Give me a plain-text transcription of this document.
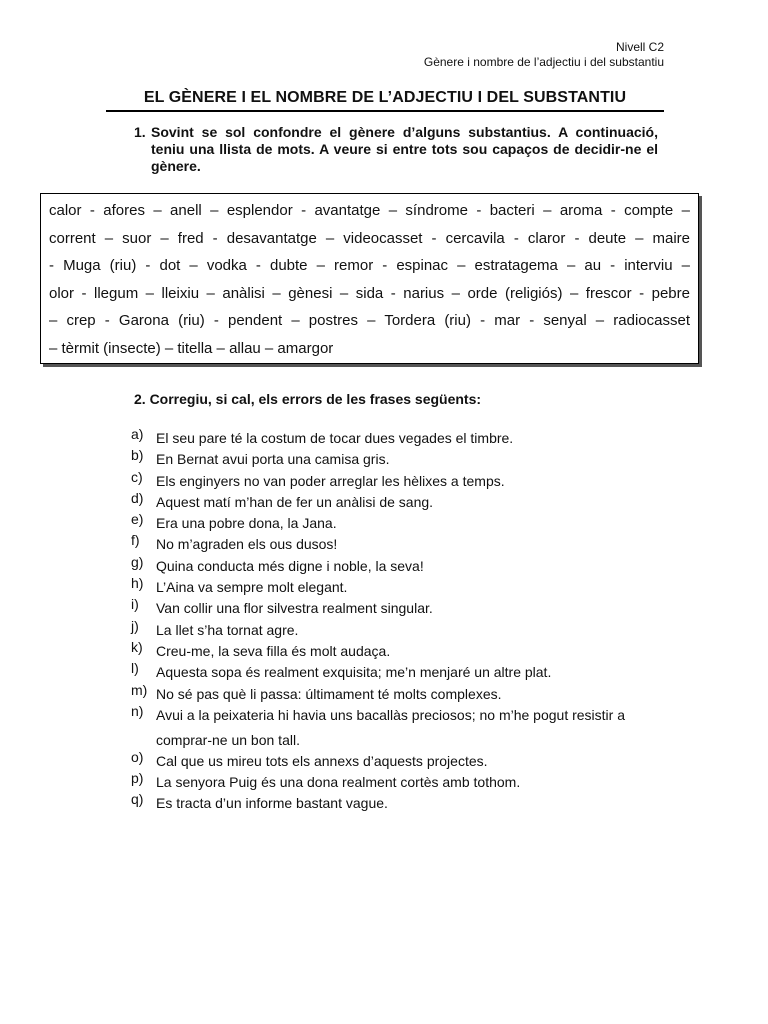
Nivell C2
Gènere i nombre de l’adjectiu i del substantiu
EL GÈNERE I EL NOMBRE DE L’ADJECTIU I DEL SUBSTANTIU
1. Sovint se sol confondre el gènere d’alguns substantius. A continuació, teniu una llista de mots. A veure si entre tots sou capaços de decidir-ne el gènere.
calor - afores – anell – esplendor - avantatge – síndrome - bacteri – aroma - compte –
corrent – suor – fred - desavantatge – videocasset - cercavila - claror - deute – maire
- Muga (riu) - dot – vodka - dubte – remor - espinac – estratagema – au - interviu –
olor - llegum – lleixiu – anàlisi – gènesi – sida - narius – orde (religiós) – frescor - pebre
– crep - Garona (riu) - pendent – postres – Tordera (riu) - mar - senyal – radiocasset
– tèrmit (insecte) – titella – allau – amargor
2. Corregiu, si cal, els errors de les frases següents:
a) El seu pare té la costum de tocar dues vegades el timbre.
b) En Bernat avui porta una camisa gris.
c) Els enginyers no van poder arreglar les hèlixes a temps.
d) Aquest matí m’han de fer un anàlisi de sang.
e) Era una pobre dona, la Jana.
f)	No m’agraden els ous dusos!
g) Quina conducta més digne i noble, la seva!
h) L’Aina va sempre molt elegant.
i)	Van collir una flor silvestra realment singular.
j)	La llet s’ha tornat agre.
k) Creu-me, la seva filla és molt audaça.
l)	Aquesta sopa és realment exquisita; me’n menjaré un altre plat.
m) No sé pas què li passa: últimament té molts complexes.
n) Avui a la peixateria hi havia uns bacallàs preciosos; no m’he pogut resistir a comprar-ne un bon tall.
o) Cal que us mireu tots els annexs d’aquests projectes.
p) La senyora Puig és una dona realment cortès amb tothom.
q) Es tracta d’un informe bastant vague.
